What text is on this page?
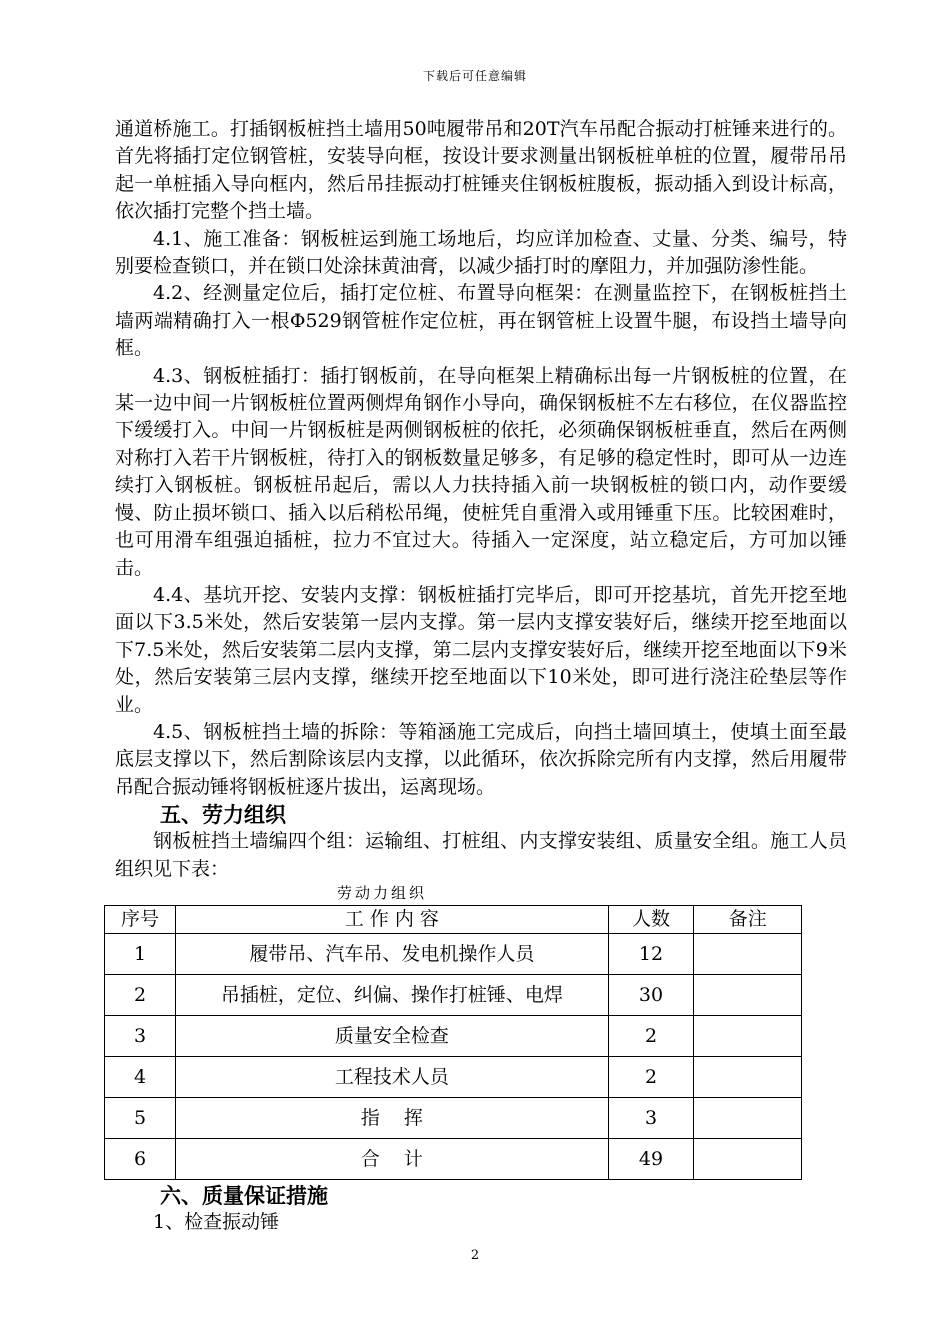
下载后可任意编辑

通道桥施工。打插钢板桩挡土墙用50吨履带吊和20T汽车吊配合振动打桩锤来进行的。首先将插打定位钢管桩，安装导向框，按设计要求测量出钢板桩单桩的位置，履带吊吊起一单桩插入导向框内，然后吊挂振动打桩锤夹住钢板桩腹板，振动插入到设计标高，依次插打完整个挡土墙。

4.1、施工准备：钢板桩运到施工场地后，均应详加检查、丈量、分类、编号，特别要检查锁口，并在锁口处涂抹黄油膏，以减少插打时的摩阻力，并加强防渗性能。

4.2、经测量定位后，插打定位桩、布置导向框架：在测量监控下，在钢板桩挡土墙两端精确打入一根Φ529钢管桩作定位桩，再在钢管桩上设置牛腿，布设挡土墙导向框。

4.3、钢板桩插打：插打钢板前，在导向框架上精确标出每一片钢板桩的位置，在某一边中间一片钢板桩位置两侧焊角钢作小导向，确保钢板桩不左右移位，在仪器监控下缓缓打入。中间一片钢板桩是两侧钢板桩的依托，必须确保钢板桩垂直，然后在两侧对称打入若干片钢板桩，待打入的钢板数量足够多，有足够的稳定性时，即可从一边连续打入钢板桩。钢板桩吊起后，需以人力扶持插入前一块钢板桩的锁口内，动作要缓慢、防止损坏锁口、插入以后稍松吊绳，使桩凭自重滑入或用锤重下压。比较困难时，也可用滑车组强迫插桩，拉力不宜过大。待插入一定深度，站立稳定后，方可加以锤击。

4.4、基坑开挖、安装内支撑：钢板桩插打完毕后，即可开挖基坑，首先开挖至地面以下3.5米处，然后安装第一层内支撑。第一层内支撑安装好后，继续开挖至地面以下7.5米处，然后安装第二层内支撑，第二层内支撑安装好后，继续开挖至地面以下9米处，然后安装第三层内支撑，继续开挖至地面以下10米处，即可进行浇注砼垫层等作业。

4.5、钢板桩挡土墙的拆除：等箱涵施工完成后，向挡土墙回填土，使填土面至最底层支撑以下，然后割除该层内支撑，以此循环，依次拆除完所有内支撑，然后用履带吊配合振动锤将钢板桩逐片拔出，运离现场。

五、劳力组织

钢板桩挡土墙编四个组：运输组、打桩组、内支撑安装组、质量安全组。施工人员组织见下表：

劳动力组织

序号	工 作 内 容	人数	备注
1	履带吊、汽车吊、发电机操作人员	12	
2	吊插桩，定位、纠偏、操作打桩锤、电焊	30	
3	质量安全检查	2	
4	工程技术人员	2	
5	指    挥	3	
6	合    计	49	

六、质量保证措施

1、检查振动锤

2
